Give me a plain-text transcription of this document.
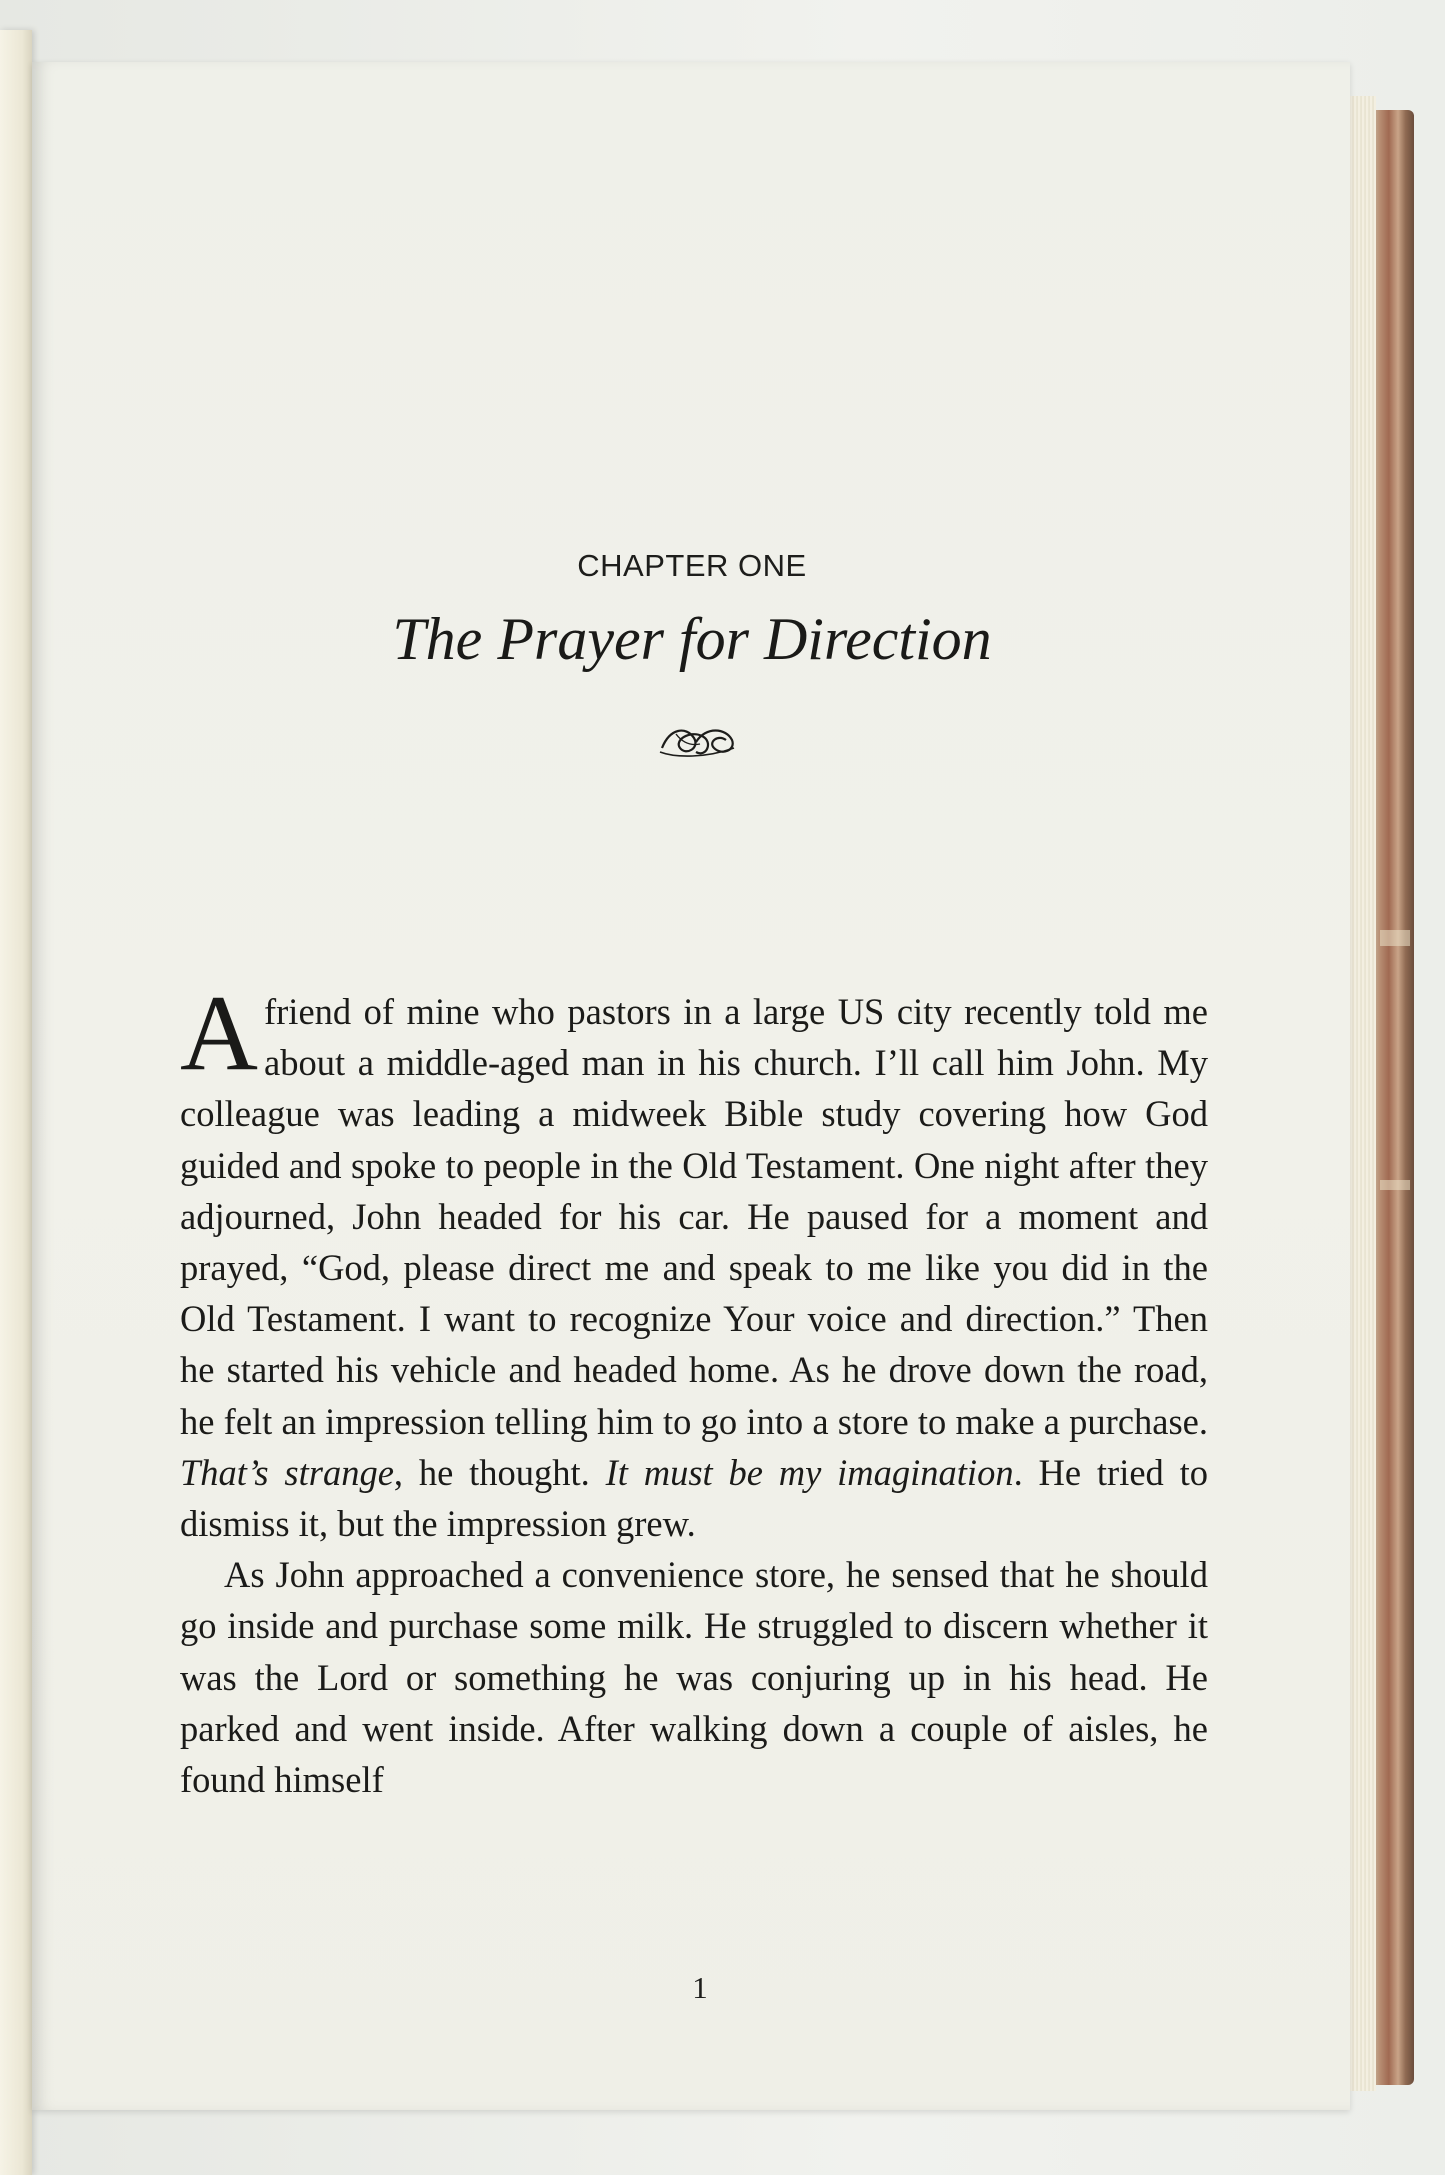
CHAPTER ONE
The Prayer for Direction

A friend of mine who pastors in a large US city recently told me about a middle-aged man in his church. I’ll call him John. My colleague was leading a midweek Bible study covering how God guided and spoke to people in the Old Testament. One night after they adjourned, John headed for his car. He paused for a moment and prayed, “God, please direct me and speak to me like you did in the Old Testament. I want to recognize Your voice and direction.” Then he started his vehicle and headed home. As he drove down the road, he felt an impression telling him to go into a store to make a purchase. That’s strange, he thought. It must be my imagination. He tried to dismiss it, but the impression grew.

As John approached a convenience store, he sensed that he should go inside and purchase some milk. He struggled to discern whether it was the Lord or something he was conjuring up in his head. He parked and went inside. After walking down a couple of aisles, he found himself

1
